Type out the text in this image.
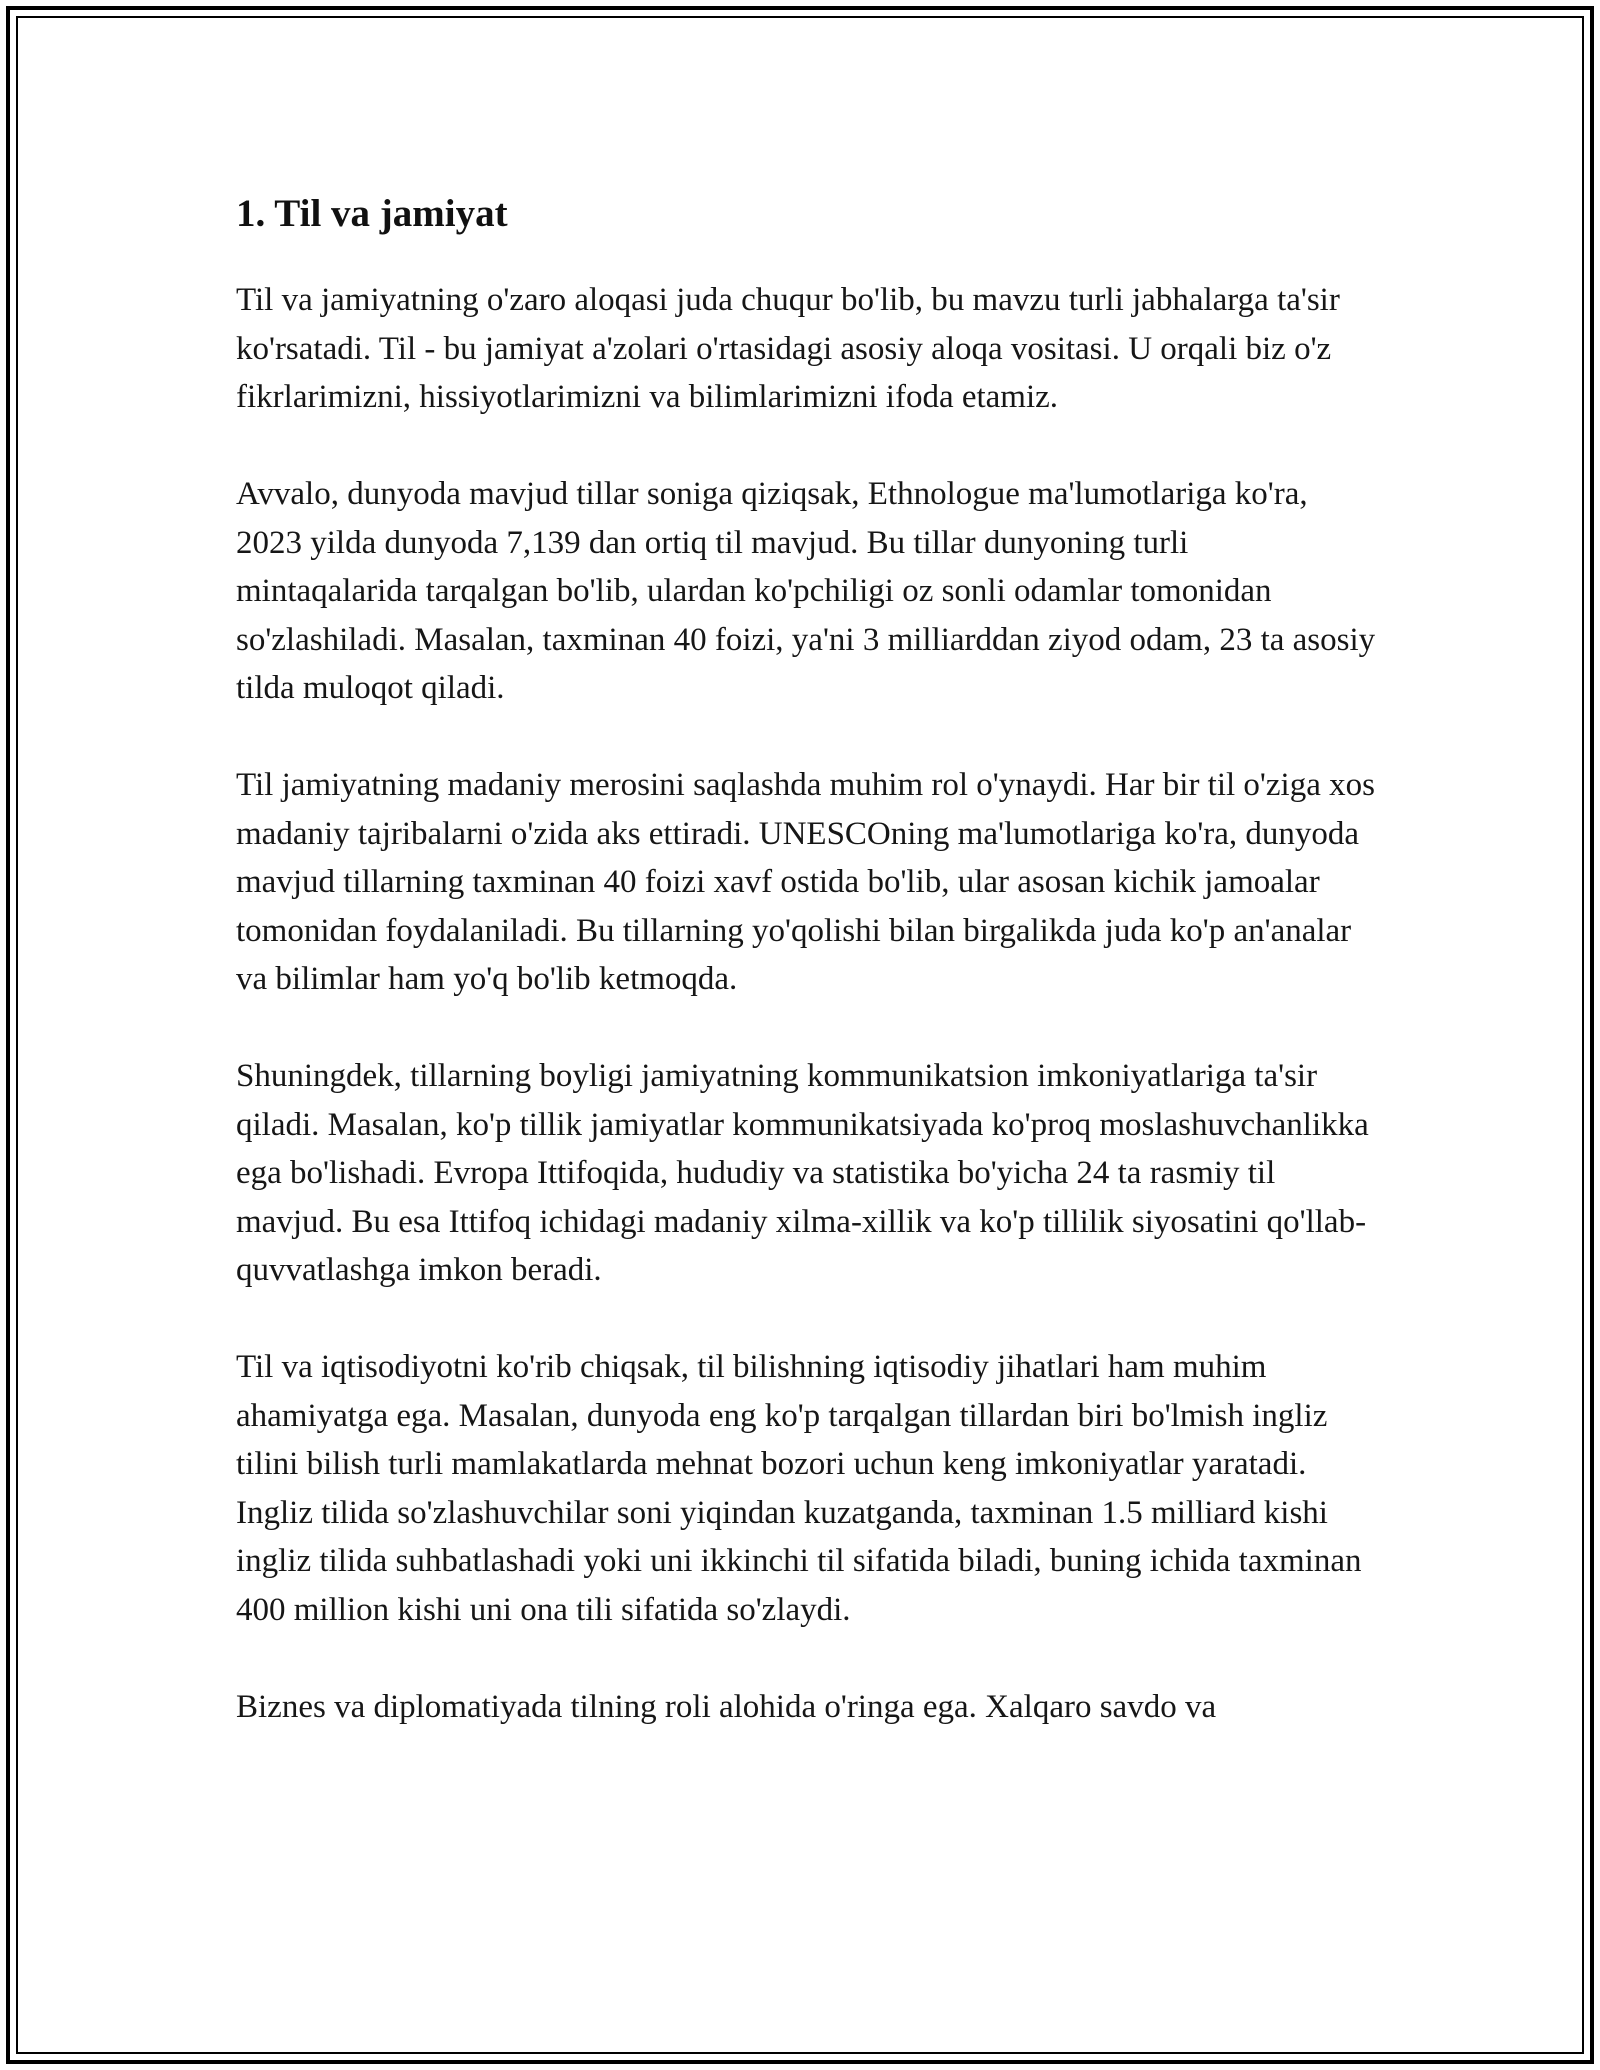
1. Til va jamiyat

Til va jamiyatning o'zaro aloqasi juda chuqur bo'lib, bu mavzu turli jabhalarga ta'sir ko'rsatadi. Til - bu jamiyat a'zolari o'rtasidagi asosiy aloqa vositasi. U orqali biz o'z fikrlarimizni, hissiyotlarimizni va bilimlarimizni ifoda etamiz.

Avvalo, dunyoda mavjud tillar soniga qiziqsak, Ethnologue ma'lumotlariga ko'ra, 2023 yilda dunyoda 7,139 dan ortiq til mavjud. Bu tillar dunyoning turli mintaqalarida tarqalgan bo'lib, ulardan ko'pchiligi oz sonli odamlar tomonidan so'zlashiladi. Masalan, taxminan 40 foizi, ya'ni 3 milliarddan ziyod odam, 23 ta asosiy tilda muloqot qiladi.

Til jamiyatning madaniy merosini saqlashda muhim rol o'ynaydi. Har bir til o'ziga xos madaniy tajribalarni o'zida aks ettiradi. UNESCOning ma'lumotlariga ko'ra, dunyoda mavjud tillarning taxminan 40 foizi xavf ostida bo'lib, ular asosan kichik jamoalar tomonidan foydalaniladi. Bu tillarning yo'qolishi bilan birgalikda juda ko'p an'analar va bilimlar ham yo'q bo'lib ketmoqda.

Shuningdek, tillarning boyligi jamiyatning kommunikatsion imkoniyatlariga ta'sir qiladi. Masalan, ko'p tillik jamiyatlar kommunikatsiyada ko'proq moslashuvchanlikka ega bo'lishadi. Evropa Ittifoqida, hududiy va statistika bo'yicha 24 ta rasmiy til mavjud. Bu esa Ittifoq ichidagi madaniy xilma-xillik va ko'p tillilik siyosatini qo'llab-quvvatlashga imkon beradi.

Til va iqtisodiyotni ko'rib chiqsak, til bilishning iqtisodiy jihatlari ham muhim ahamiyatga ega. Masalan, dunyoda eng ko'p tarqalgan tillardan biri bo'lmish ingliz tilini bilish turli mamlakatlarda mehnat bozori uchun keng imkoniyatlar yaratadi. Ingliz tilida so'zlashuvchilar soni yiqindan kuzatganda, taxminan 1.5 milliard kishi ingliz tilida suhbatlashadi yoki uni ikkinchi til sifatida biladi, buning ichida taxminan 400 million kishi uni ona tili sifatida so'zlaydi.

Biznes va diplomatiyada tilning roli alohida o'ringa ega. Xalqaro savdo va
